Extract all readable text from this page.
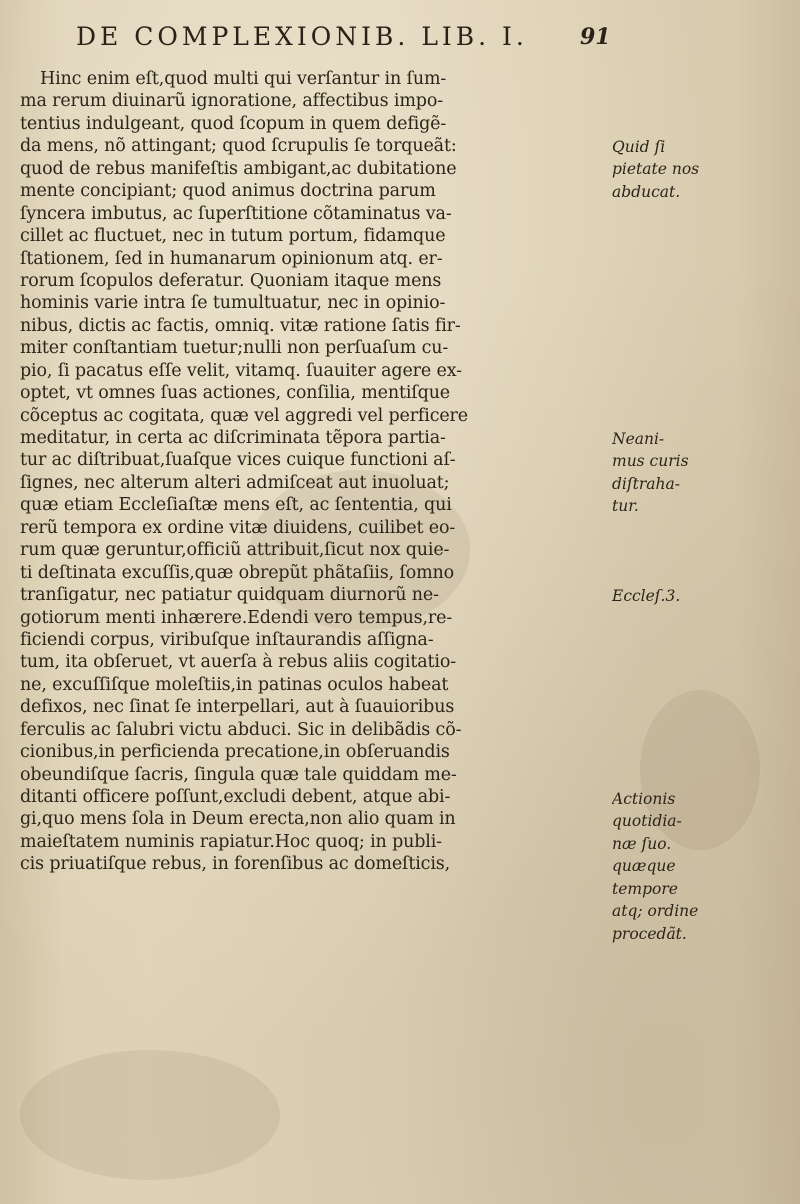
DE COMPLEXIONIB. LIB. I.	91
Hinc enim eſt,quod multi qui verſantur in ſum-
ma rerum diuinarũ ignoratione, affectibus impo-
tentius indulgeant, quod ſcopum in quem defigẽ-
da mens, nõ attingant; quod ſcrupulis ſe torqueãt:
quod de rebus manifeſtis ambigant,ac dubitatione
mente concipiant; quod animus doctrina parum
ſyncera imbutus, ac ſuperſtitione cõtaminatus va-
cillet ac fluctuet, nec in tutum portum, fidamque
ſtationem, ſed in humanarum opinionum atq. er-
rorum ſcopulos deferatur. Quoniam itaque mens
hominis varie intra ſe tumultuatur, nec in opinio-
nibus, dictis ac factis, omniq. vitæ ratione ſatis fir-
miter conſtantiam tuetur;nulli non perſuaſum cu-
pio, ſi pacatus eſſe velit, vitamq. ſuauiter agere ex-
optet, vt omnes ſuas actiones, conſilia, mentiſque
cõceptus ac cogitata, quæ vel aggredi vel perficere
meditatur, in certa ac diſcriminata tẽpora partia-
tur ac diſtribuat,ſuaſque vices cuique functioni aſ-
ſignes, nec alterum alteri admiſceat aut inuoluat;
quæ etiam Eccleſiaſtæ mens eſt, ac ſententia, qui
rerũ tempora ex ordine vitæ diuidens, cuilibet eo-
rum quæ geruntur,officiũ attribuit,ſicut nox quie-
ti deſtinata excuſſis,quæ obrepũt phãtaſiis, ſomno
tranſigatur, nec patiatur quidquam diurnorũ ne-
gotiorum menti inhærere.Edendi vero tempus,re-
ficiendi corpus, viribuſque inſtaurandis aſſigna-
tum, ita obſeruet, vt auerſa à rebus aliis cogitatio-
ne, excuſſiſque moleſtiis,in patinas oculos habeat
defixos, nec ſinat ſe interpellari, aut à ſuauioribus
ferculis ac ſalubri victu abduci. Sic in delibãdis cõ-
cionibus,in perficienda precatione,in obſeruandis
obeundiſque ſacris, ſingula quæ tale quiddam me-
ditanti officere poſſunt,excludi debent, atque abi-
gi,quo mens ſola in Deum erecta,non alio quam in
maieſtatem numinis rapiatur.Hoc quoq; in publi-
cis priuatiſque rebus, in forenſibus ac domeſticis,
Quid ſi
pietate nos
abducat.
Neani-
mus curis
diſtraha-
tur.
Eccleſ.3.
Actionis
quotidia-
næ ſuo.
quæque
tempore
atq; ordine
procedãt.
